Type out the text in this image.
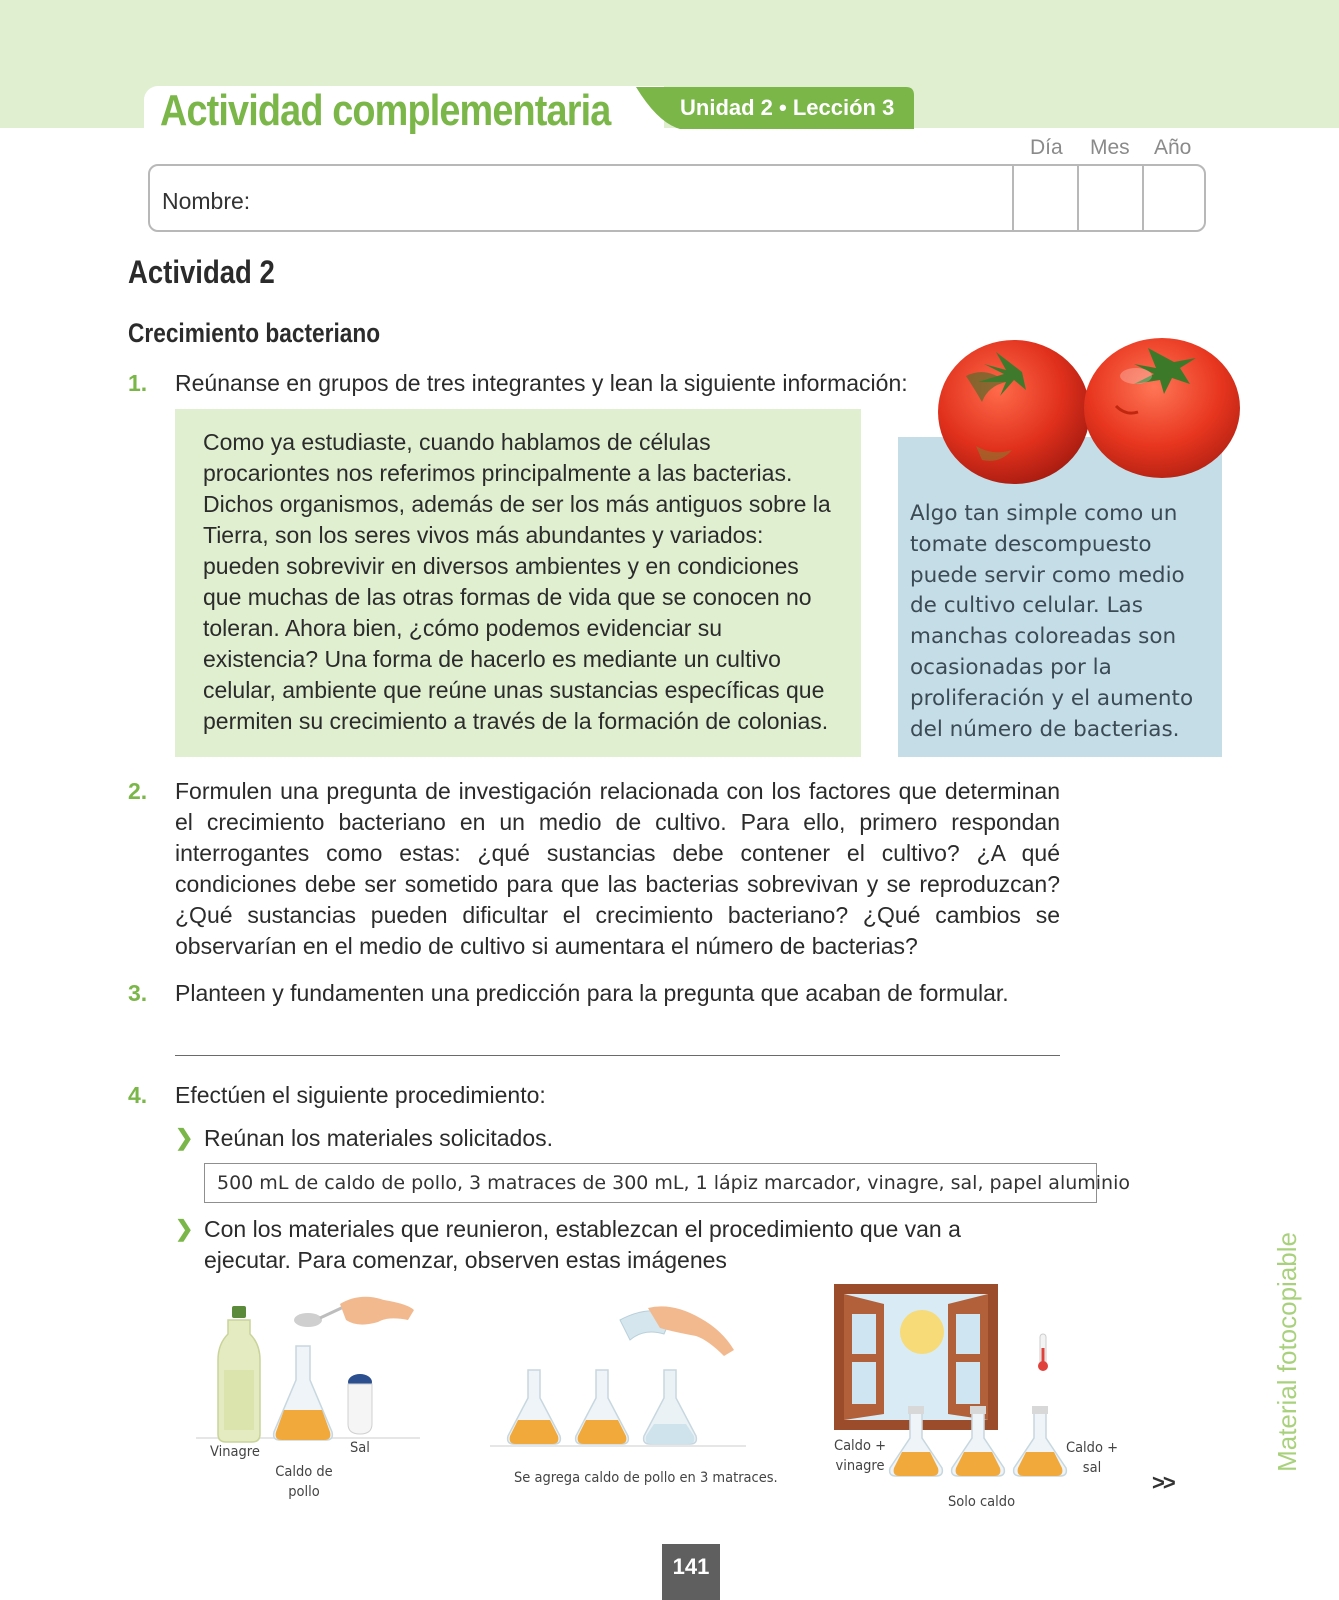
Actividad complementaria	Unidad 2 • Lección 3
Día Mes Año
Nombre:
Actividad 2
Crecimiento bacteriano
1. Reúnanse en grupos de tres integrantes y lean la siguiente información:
Como ya estudiaste, cuando hablamos de células procariontes nos referimos principalmente a las bacterias. Dichos organismos, además de ser los más antiguos sobre la Tierra, son los seres vivos más abundantes y variados: pueden sobrevivir en diversos ambientes y en condiciones que muchas de las otras formas de vida que se conocen no toleran. Ahora bien, ¿cómo podemos evidenciar su existencia? Una forma de hacerlo es mediante un cultivo celular, ambiente que reúne unas sustancias específicas que permiten su crecimiento a través de la formación de colonias.
Algo tan simple como un tomate descompuesto puede servir como medio de cultivo celular. Las manchas coloreadas son ocasionadas por la proliferación y el aumento del número de bacterias.
2. Formulen una pregunta de investigación relacionada con los factores que determinan el crecimiento bacteriano en un medio de cultivo. Para ello, primero respondan interrogantes como estas: ¿qué sustancias debe contener el cultivo? ¿A qué condiciones debe ser sometido para que las bacterias sobrevivan y se reproduzcan? ¿Qué sustancias pueden dificultar el crecimiento bacteriano? ¿Qué cambios se observarían en el medio de cultivo si aumentara el número de bacterias?
3. Planteen y fundamenten una predicción para la pregunta que acaban de formular.
4. Efectúen el siguiente procedimiento:
❯ Reúnan los materiales solicitados.
500 mL de caldo de pollo, 3 matraces de 300 mL, 1 lápiz marcador, vinagre, sal, papel aluminio
❯ Con los materiales que reunieron, establezcan el procedimiento que van a ejecutar. Para comenzar, observen estas imágenes
Vinagre
Caldo de pollo
Sal
Se agrega caldo de pollo en 3 matraces.
Caldo + vinagre
Solo caldo
Caldo + sal
>>
Material fotocopiable
141
